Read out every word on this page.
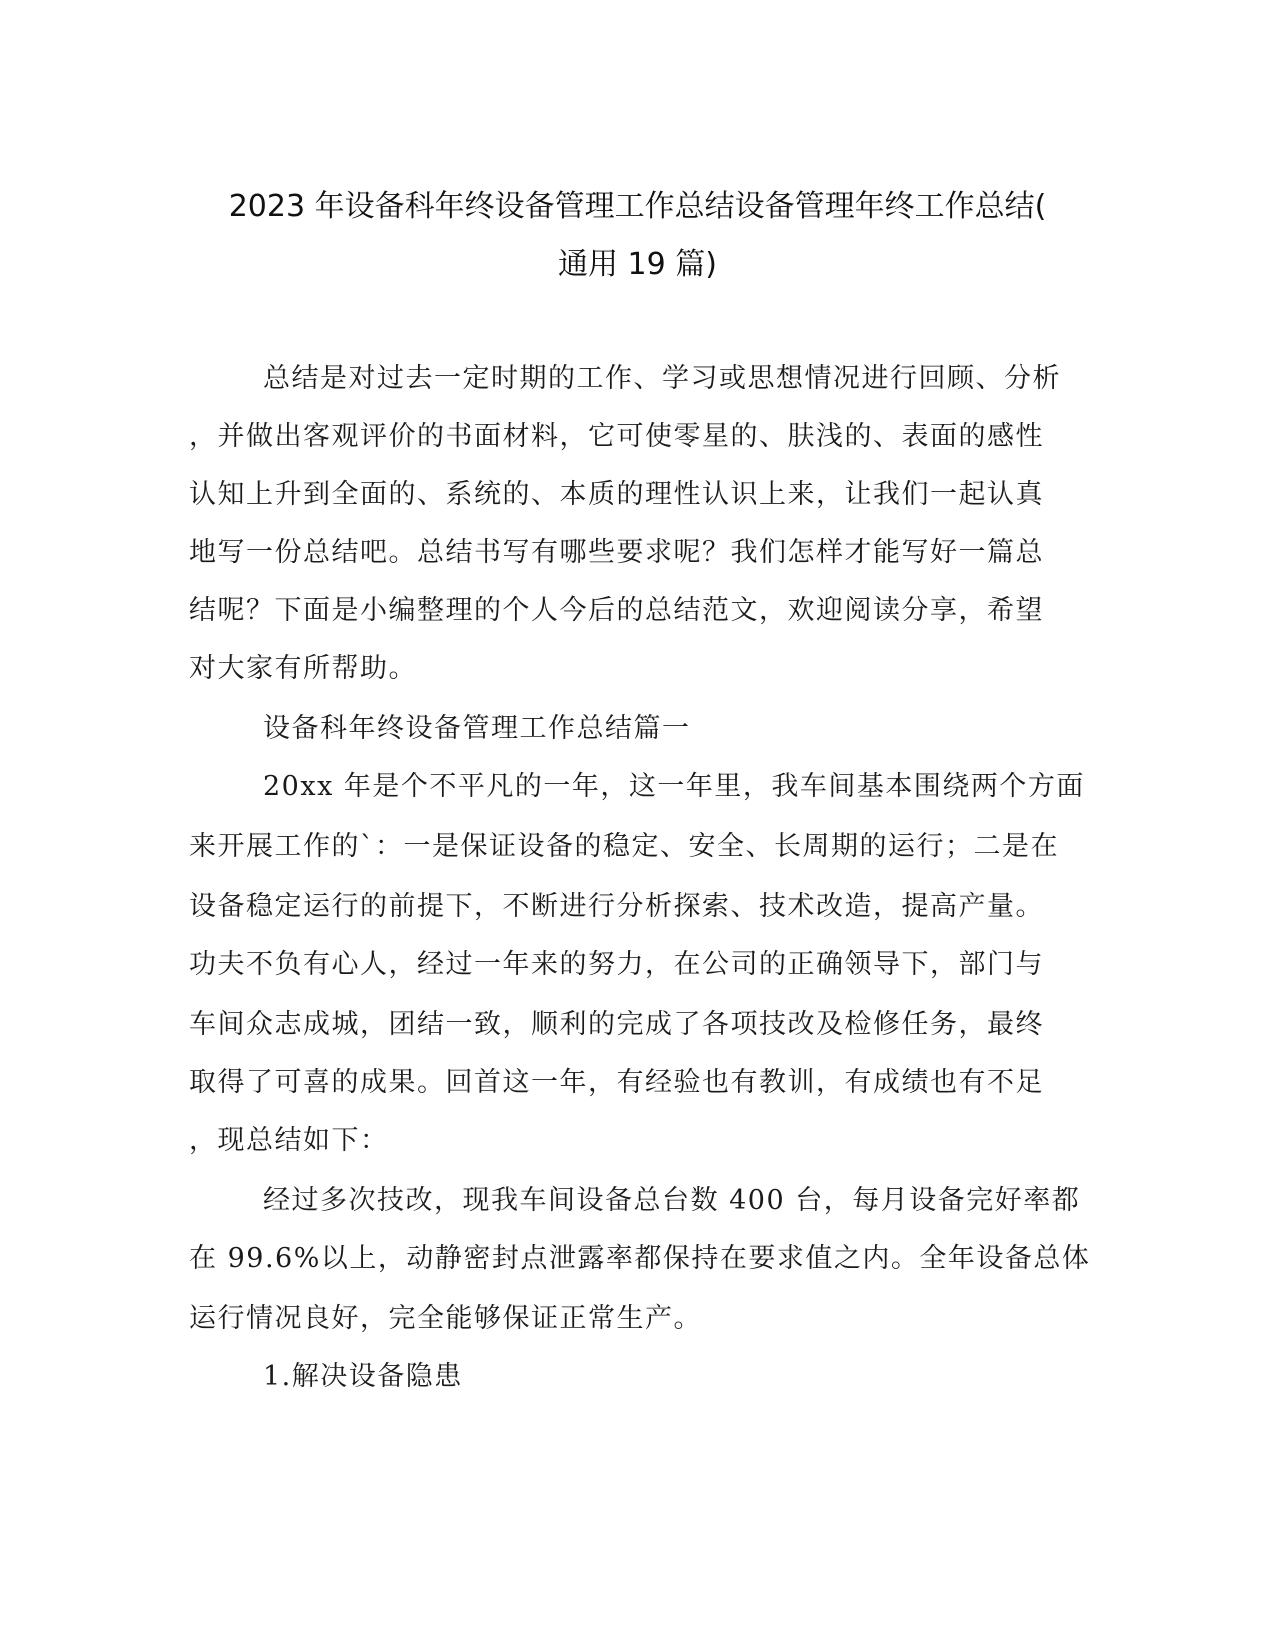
2023 年设备科年终设备管理工作总结设备管理年终工作总结(
通用 19 篇)
总结是对过去一定时期的工作、学习或思想情况进行回顾、分析
，并做出客观评价的书面材料，它可使零星的、肤浅的、表面的感性
认知上升到全面的、系统的、本质的理性认识上来，让我们一起认真
地写一份总结吧。总结书写有哪些要求呢？我们怎样才能写好一篇总
结呢？下面是小编整理的个人今后的总结范文，欢迎阅读分享，希望
对大家有所帮助。
设备科年终设备管理工作总结篇一
20xx 年是个不平凡的一年，这一年里，我车间基本围绕两个方面
来开展工作的`：一是保证设备的稳定、安全、长周期的运行；二是在
设备稳定运行的前提下，不断进行分析探索、技术改造，提高产量。
功夫不负有心人，经过一年来的努力，在公司的正确领导下，部门与
车间众志成城，团结一致，顺利的完成了各项技改及检修任务，最终
取得了可喜的成果。回首这一年，有经验也有教训，有成绩也有不足
，现总结如下：
经过多次技改，现我车间设备总台数 400 台，每月设备完好率都
在 99.6%以上，动静密封点泄露率都保持在要求值之内。全年设备总体
运行情况良好，完全能够保证正常生产。
1.解决设备隐患
